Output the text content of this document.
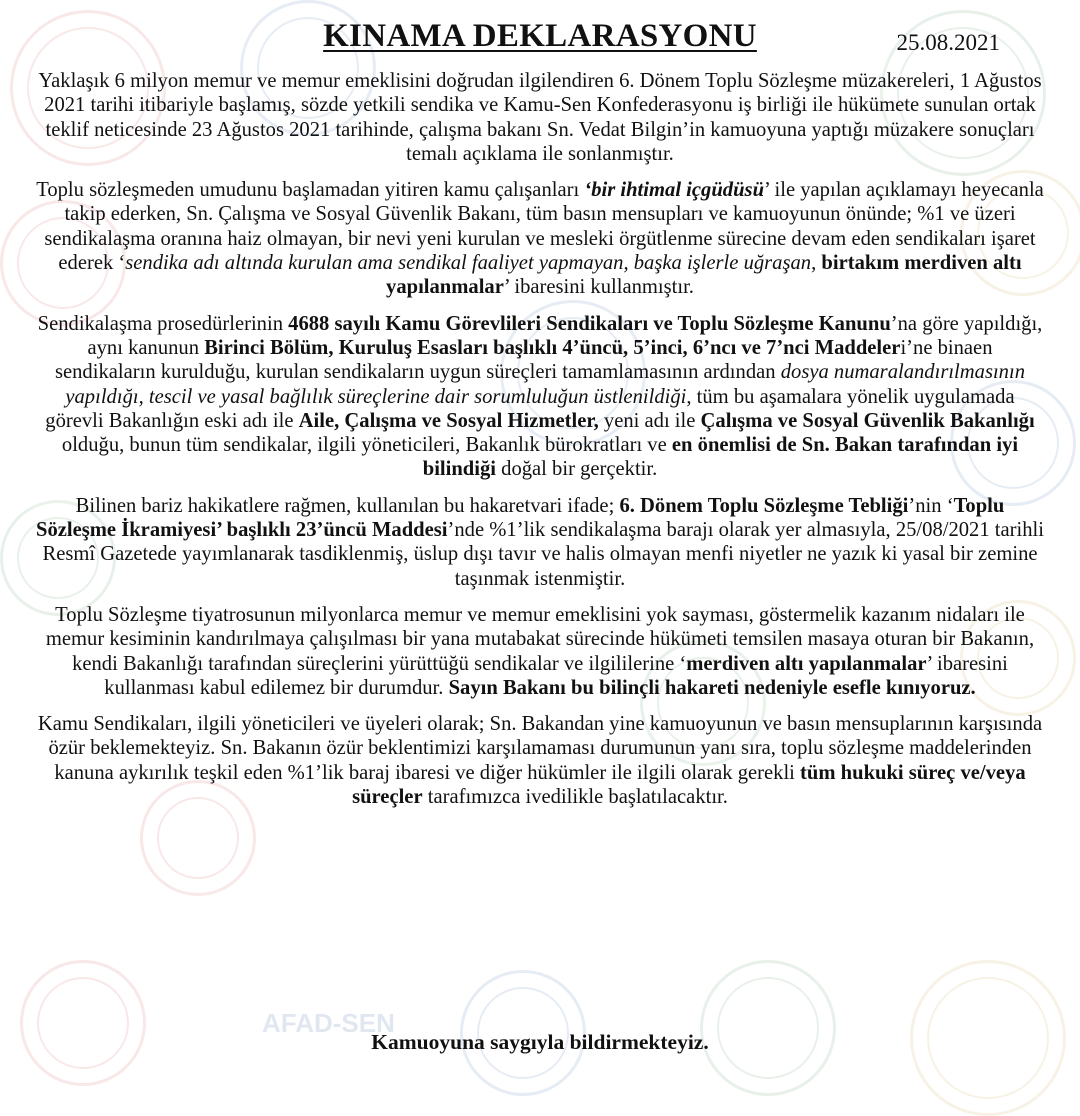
AFAD-SEN
KINAMA DEKLARASYONU	25.08.2021

Yaklaşık 6 milyon memur ve memur emeklisini doğrudan ilgilendiren 6. Dönem Toplu Sözleşme müzakereleri, 1 Ağustos 2021 tarihi itibariyle başlamış, sözde yetkili sendika ve Kamu-Sen Konfederasyonu iş birliği ile hükümete sunulan ortak teklif neticesinde 23 Ağustos 2021 tarihinde, çalışma bakanı Sn. Vedat Bilgin’in kamuoyuna yaptığı müzakere sonuçları temalı açıklama ile sonlanmıştır.

Toplu sözleşmeden umudunu başlamadan yitiren kamu çalışanları ‘bir ihtimal içgüdüsü’ ile yapılan açıklamayı heyecanla takip ederken, Sn. Çalışma ve Sosyal Güvenlik Bakanı, tüm basın mensupları ve kamuoyunun önünde; %1 ve üzeri sendikalaşma oranına haiz olmayan, bir nevi yeni kurulan ve mesleki örgütlenme sürecine devam eden sendikaları işaret ederek ‘sendika adı altında kurulan ama sendikal faaliyet yapmayan, başka işlerle uğraşan, birtakım merdiven altı yapılanmalar’ ibaresini kullanmıştır.

Sendikalaşma prosedürlerinin 4688 sayılı Kamu Görevlileri Sendikaları ve Toplu Sözleşme Kanunu’na göre yapıldığı, aynı kanunun Birinci Bölüm, Kuruluş Esasları başlıklı 4’üncü, 5’inci, 6’ncı ve 7’nci Maddeleri’ne binaen sendikaların kurulduğu, kurulan sendikaların uygun süreçleri tamamlamasının ardından dosya numaralandırılmasının yapıldığı, tescil ve yasal bağlılık süreçlerine dair sorumluluğun üstlenildiği, tüm bu aşamalara yönelik uygulamada görevli Bakanlığın eski adı ile Aile, Çalışma ve Sosyal Hizmetler, yeni adı ile Çalışma ve Sosyal Güvenlik Bakanlığı olduğu, bunun tüm sendikalar, ilgili yöneticileri, Bakanlık bürokratları ve en önemlisi de Sn. Bakan tarafından iyi bilindiği doğal bir gerçektir.

Bilinen bariz hakikatlere rağmen, kullanılan bu hakaretvari ifade; 6. Dönem Toplu Sözleşme Tebliği’nin ‘Toplu Sözleşme İkramiyesi’ başlıklı 23’üncü Maddesi’nde %1’lik sendikalaşma barajı olarak yer almasıyla, 25/08/2021 tarihli Resmî Gazetede yayımlanarak tasdiklenmiş, üslup dışı tavır ve halis olmayan menfi niyetler ne yazık ki yasal bir zemine taşınmak istenmiştir.

Toplu Sözleşme tiyatrosunun milyonlarca memur ve memur emeklisini yok sayması, göstermelik kazanım nidaları ile memur kesiminin kandırılmaya çalışılması bir yana mutabakat sürecinde hükümeti temsilen masaya oturan bir Bakanın, kendi Bakanlığı tarafından süreçlerini yürüttüğü sendikalar ve ilgililerine ‘merdiven altı yapılanmalar’ ibaresini kullanması kabul edilemez bir durumdur. Sayın Bakanı bu bilinçli hakareti nedeniyle esefle kınıyoruz.

Kamu Sendikaları, ilgili yöneticileri ve üyeleri olarak; Sn. Bakandan yine kamuoyunun ve basın mensuplarının karşısında özür beklemekteyiz. Sn. Bakanın özür beklentimizi karşılamaması durumunun yanı sıra, toplu sözleşme maddelerinden kanuna aykırılık teşkil eden %1’lik baraj ibaresi ve diğer hükümler ile ilgili olarak gerekli tüm hukuki süreç ve/veya süreçler tarafımızca ivedilikle başlatılacaktır.

Kamuoyuna saygıyla bildirmekteyiz.
